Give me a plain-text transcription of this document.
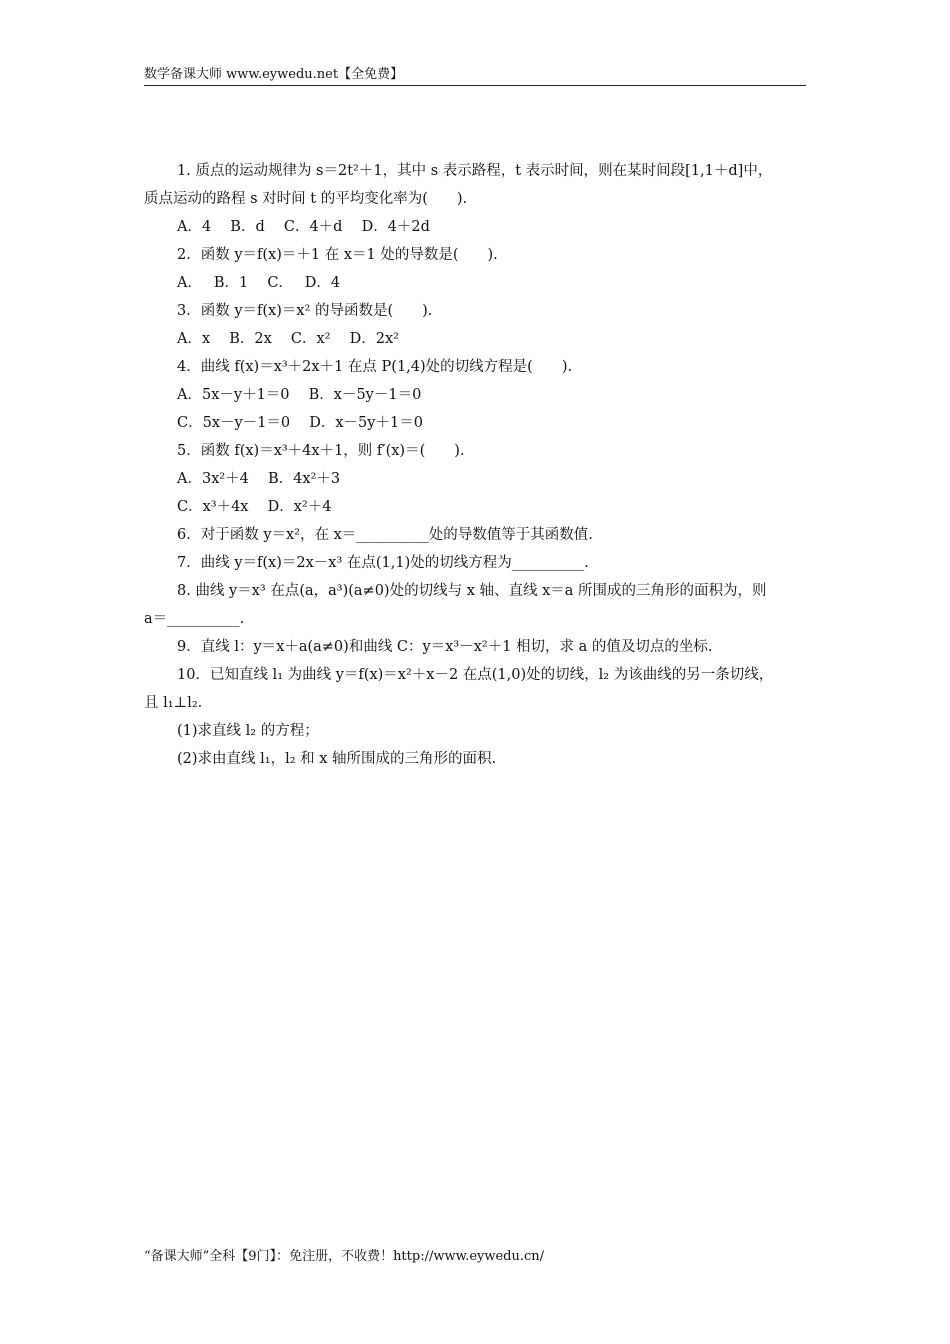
数学备课大师 www.eywedu.net【全免费】
1. 质点的运动规律为 s＝2t²＋1，其中 s 表示路程，t 表示时间，则在某时间段[1,1＋d]中，
质点运动的路程 s 对时间 t 的平均变化率为(　　).
A．4　 B．d　 C．4＋d　 D．4＋2d
2．函数 y＝f(x)＝＋1 在 x＝1 处的导数是(　　).
A．　 B．1　 C．　 D．4
3．函数 y＝f(x)＝x² 的导函数是(　　).
A．x　 B．2x　 C．x²　 D．2x²
4．曲线 f(x)＝x³＋2x＋1 在点 P(1,4)处的切线方程是(　　).
A．5x－y＋1＝0　 B．x－5y－1＝0
C．5x－y－1＝0　 D．x－5y＋1＝0
5．函数 f(x)＝x³＋4x＋1，则 f′(x)＝(　　).
A．3x²＋4　 B．4x²＋3
C．x³＋4x　 D．x²＋4
6．对于函数 y＝x²，在 x＝__________处的导数值等于其函数值.
7．曲线 y＝f(x)＝2x－x³ 在点(1,1)处的切线方程为__________.
8. 曲线 y＝x³ 在点(a，a³)(a≠0)处的切线与 x 轴、直线 x＝a 所围成的三角形的面积为，则
a＝__________.
9．直线 l：y＝x＋a(a≠0)和曲线 C：y＝x³－x²＋1 相切，求 a 的值及切点的坐标.
10．已知直线 l₁ 为曲线 y＝f(x)＝x²＋x－2 在点(1,0)处的切线，l₂ 为该曲线的另一条切线，
且 l₁⊥l₂.
(1)求直线 l₂ 的方程；
(2)求由直线 l₁，l₂ 和 x 轴所围成的三角形的面积.
“备课大师”全科【9门】：免注册，不收费！http://www.eywedu.cn/
